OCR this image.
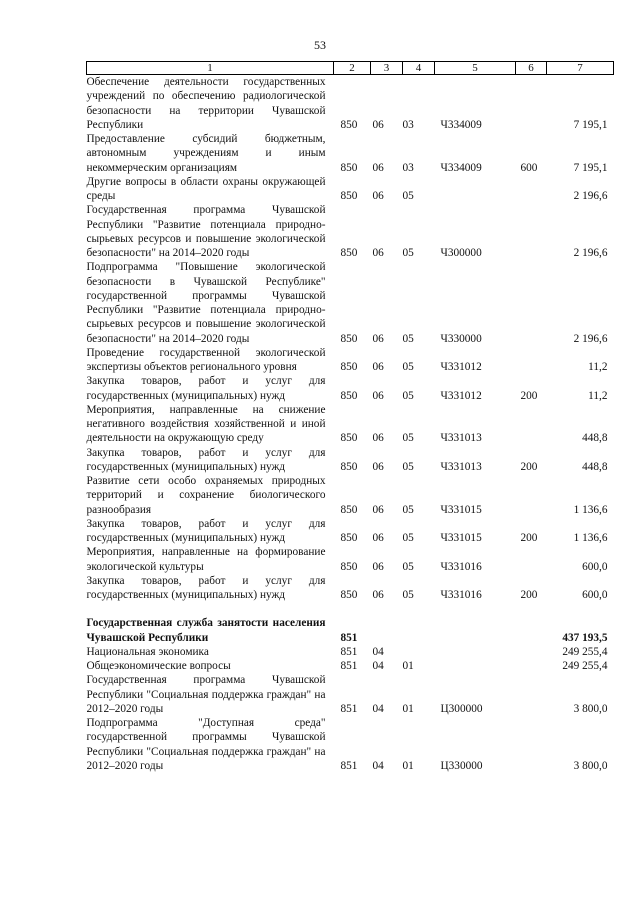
53
1	2	3	4	5	6	7
Обеспечение деятельности государственных учреждений по обеспечению радиологической безопасности на территории Чувашской Республики	850	06	03	Ч334009		7 195,1
Предоставление субсидий бюджетным, автономным учреждениям и иным некоммерческим организациям	850	06	03	Ч334009	600	7 195,1
Другие вопросы в области охраны окружающей среды	850	06	05			2 196,6
Государственная программа Чувашской Республики "Развитие потенциала природно-сырьевых ресурсов и повышение экологической безопасности" на 2014–2020 годы	850	06	05	Ч300000		2 196,6
Подпрограмма "Повышение экологической безопасности в Чувашской Республике" государственной программы Чувашской Республики "Развитие потенциала природно-сырьевых ресурсов и повышение экологической безопасности" на 2014–2020 годы	850	06	05	Ч330000		2 196,6
Проведение государственной экологической экспертизы объектов регионального уровня	850	06	05	Ч331012		11,2
Закупка товаров, работ и услуг для государственных (муниципальных) нужд	850	06	05	Ч331012	200	11,2
Мероприятия, направленные на снижение негативного воздействия хозяйственной и иной деятельности на окружающую среду	850	06	05	Ч331013		448,8
Закупка товаров, работ и услуг для государственных (муниципальных) нужд	850	06	05	Ч331013	200	448,8
Развитие сети особо охраняемых природных территорий и сохранение биологического разнообразия	850	06	05	Ч331015		1 136,6
Закупка товаров, работ и услуг для государственных (муниципальных) нужд	850	06	05	Ч331015	200	1 136,6
Мероприятия, направленные на формирование экологической культуры	850	06	05	Ч331016		600,0
Закупка товаров, работ и услуг для государственных (муниципальных) нужд	850	06	05	Ч331016	200	600,0

Государственная служба занятости населения Чувашской Республики	851					437 193,5
Национальная экономика	851	04				249 255,4
Общеэкономические вопросы	851	04	01			249 255,4
Государственная программа Чувашской Республики "Социальная поддержка граждан" на 2012–2020 годы	851	04	01	Ц300000		3 800,0
Подпрограмма "Доступная среда" государственной программы Чувашской Республики "Социальная поддержка граждан" на 2012–2020 годы	851	04	01	Ц330000		3 800,0
